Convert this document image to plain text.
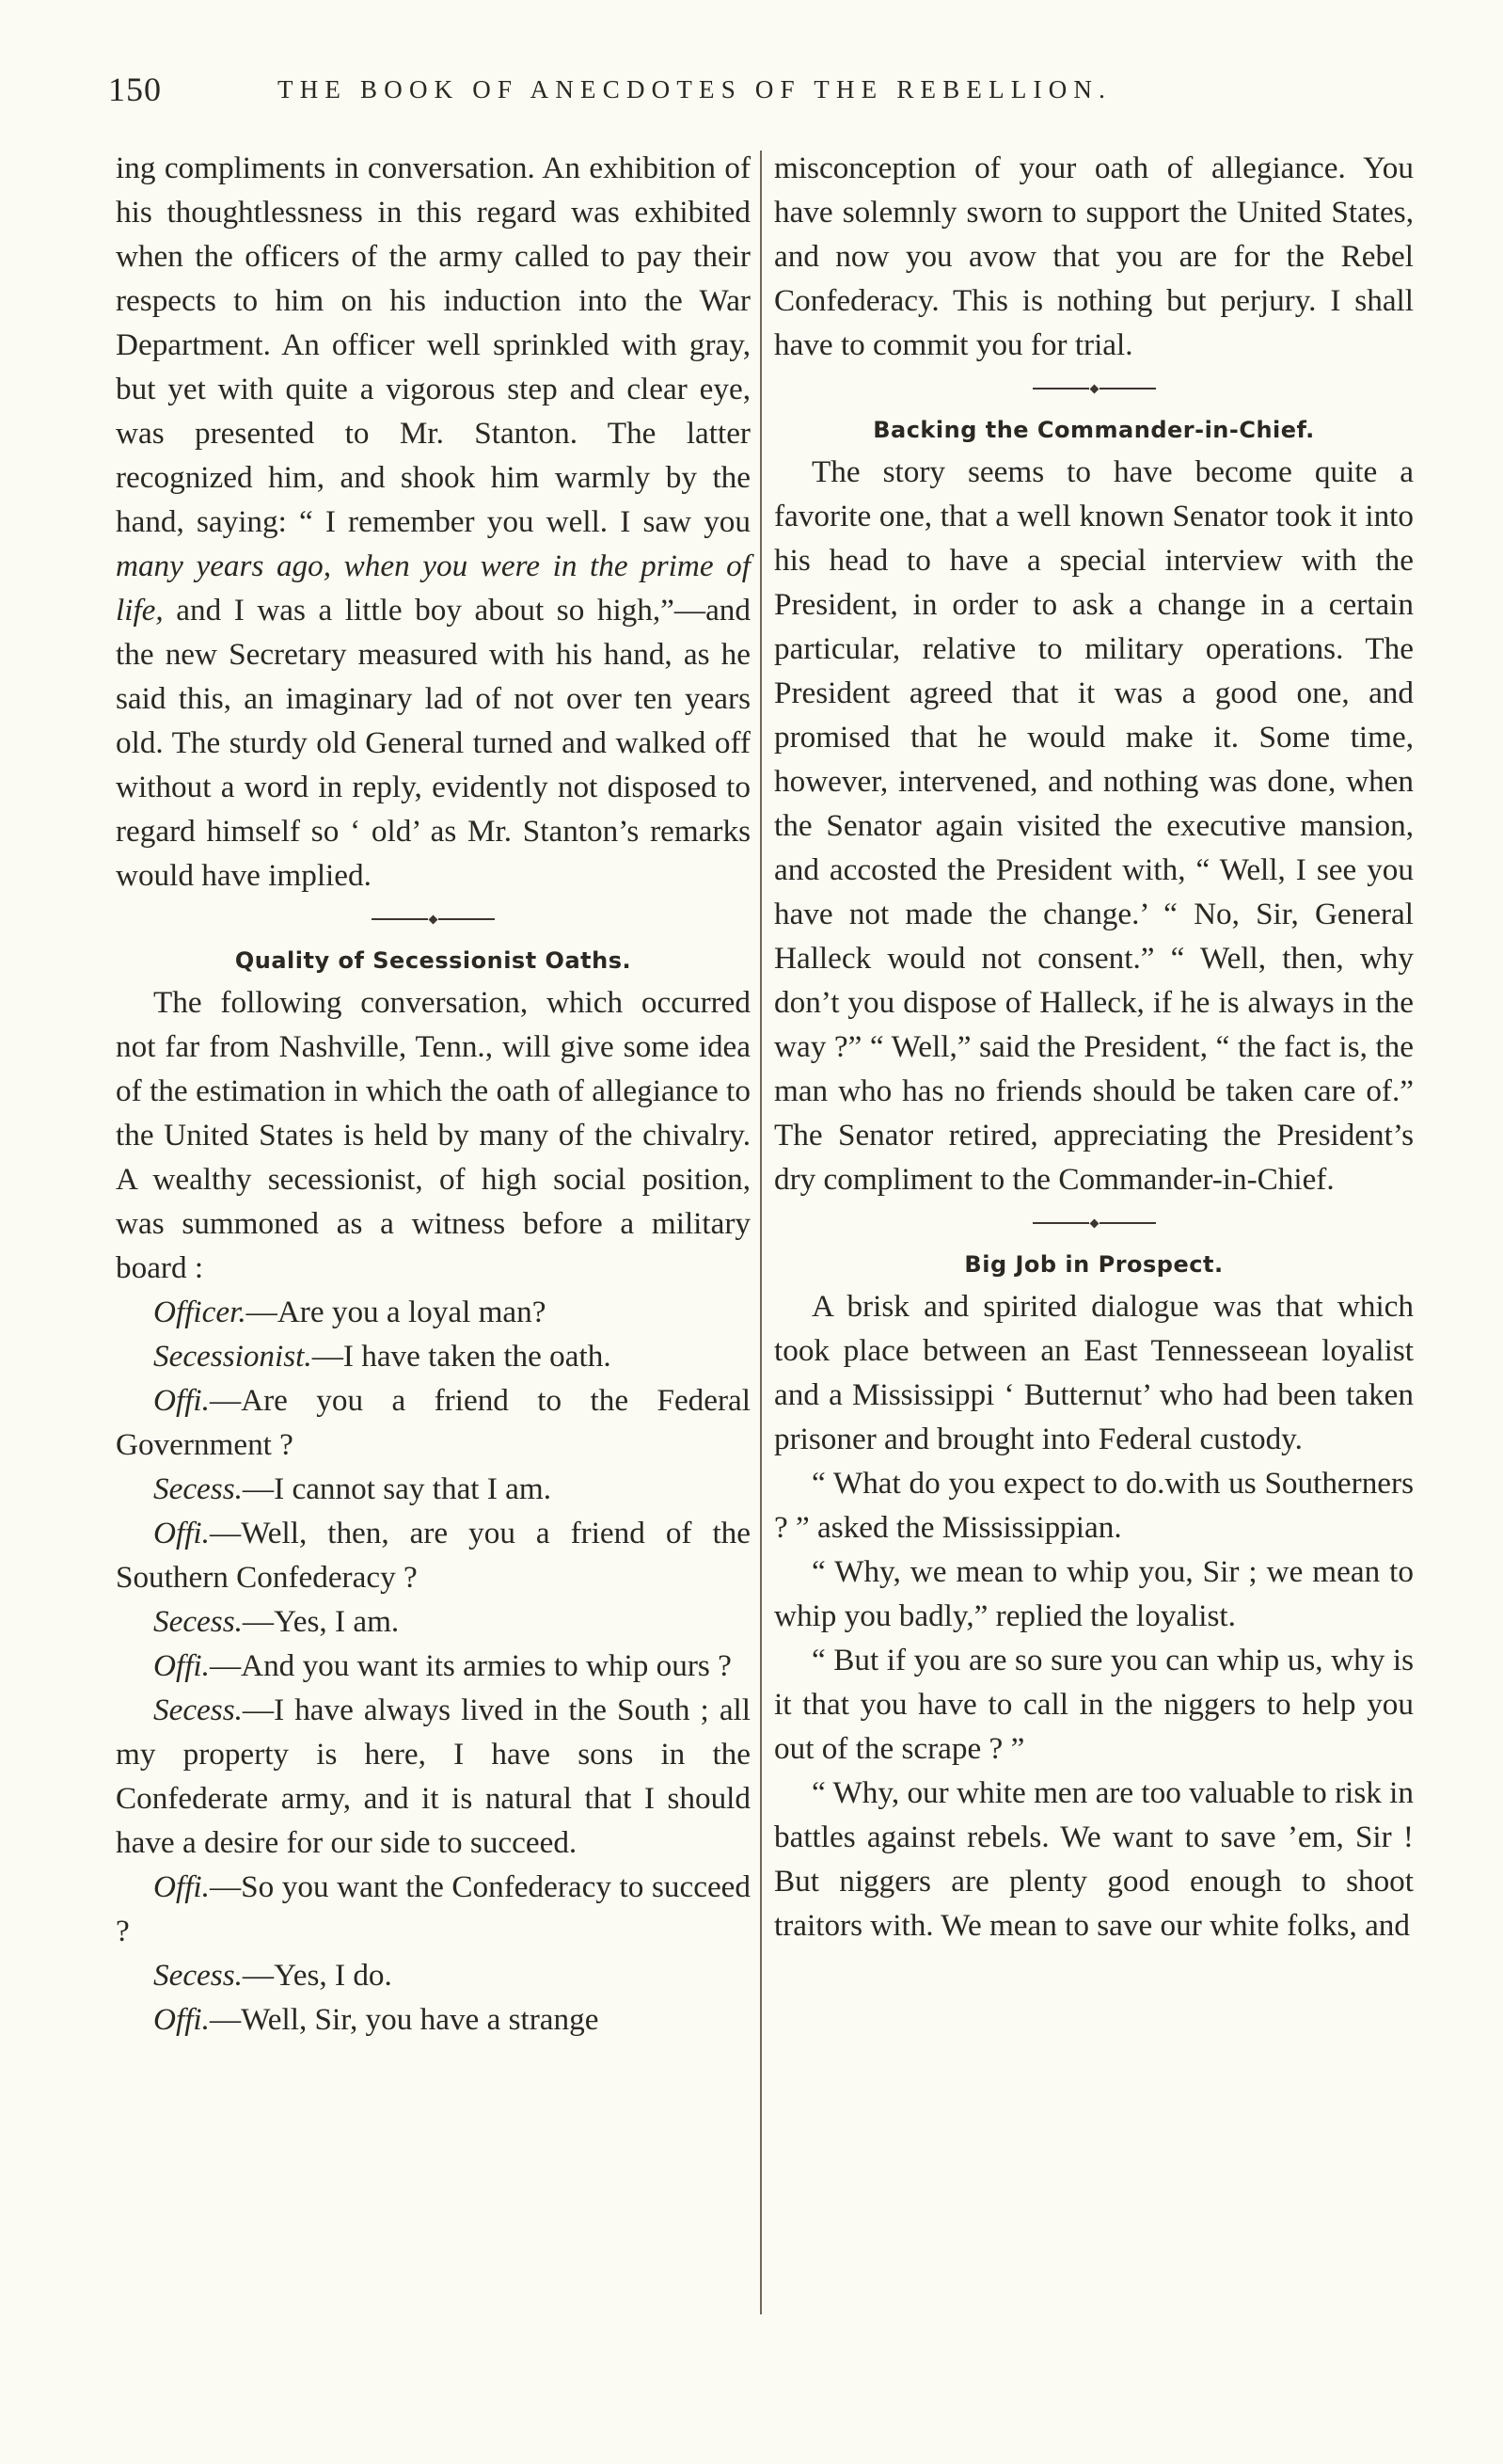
150	THE BOOK OF ANECDOTES OF THE REBELLION.

ing compliments in conversation. An exhibition of his thoughtlessness in this regard was exhibited when the officers of the army called to pay their respects to him on his induction into the War Department. An officer well sprinkled with gray, but yet with quite a vigorous step and clear eye, was presented to Mr. Stanton. The latter recognized him, and shook him warmly by the hand, saying: “ I remember you well. I saw you many years ago, when you were in the prime of life, and I was a little boy about so high,”—and the new Secretary measured with his hand, as he said this, an imaginary lad of not over ten years old. The sturdy old General turned and walked off without a word in reply, evidently not disposed to regard himself so ‘ old’ as Mr. Stanton’s remarks would have implied.

Quality of Secessionist Oaths.

The following conversation, which occurred not far from Nashville, Tenn., will give some idea of the estimation in which the oath of allegiance to the United States is held by many of the chivalry. A wealthy secessionist, of high social position, was summoned as a witness before a military board :

Officer.—Are you a loyal man?

Secessionist.—I have taken the oath.

Offi.—Are you a friend to the Federal Government ?

Secess.—I cannot say that I am.

Offi.—Well, then, are you a friend of the Southern Confederacy ?

Secess.—Yes, I am.

Offi.—And you want its armies to whip ours ?

Secess.—I have always lived in the South ; all my property is here, I have sons in the Confederate army, and it is natural that I should have a desire for our side to succeed.

Offi.—So you want the Confederacy to succeed ?

Secess.—Yes, I do.

Offi.—Well, Sir, you have a strange

misconception of your oath of allegiance. You have solemnly sworn to support the United States, and now you avow that you are for the Rebel Confederacy. This is nothing but perjury. I shall have to commit you for trial.

Backing the Commander-in-Chief.

The story seems to have become quite a favorite one, that a well known Senator took it into his head to have a special interview with the President, in order to ask a change in a certain particular, relative to military operations. The President agreed that it was a good one, and promised that he would make it. Some time, however, intervened, and nothing was done, when the Senator again visited the executive mansion, and accosted the President with, “ Well, I see you have not made the change.’ “ No, Sir, General Halleck would not consent.” “ Well, then, why don’t you dispose of Halleck, if he is always in the way ?” “ Well,” said the President, “ the fact is, the man who has no friends should be taken care of.” The Senator retired, appreciating the President’s dry compliment to the Commander-in-Chief.

Big Job in Prospect.

A brisk and spirited dialogue was that which took place between an East Tennesseean loyalist and a Mississippi ‘ Butternut’ who had been taken prisoner and brought into Federal custody.

“ What do you expect to do.with us Southerners ? ” asked the Mississippian.

“ Why, we mean to whip you, Sir ; we mean to whip you badly,” replied the loyalist.

“ But if you are so sure you can whip us, why is it that you have to call in the niggers to help you out of the scrape ? ”

“ Why, our white men are too valuable to risk in battles against rebels. We want to save ’em, Sir ! But niggers are plenty good enough to shoot traitors with. We mean to save our white folks, and
